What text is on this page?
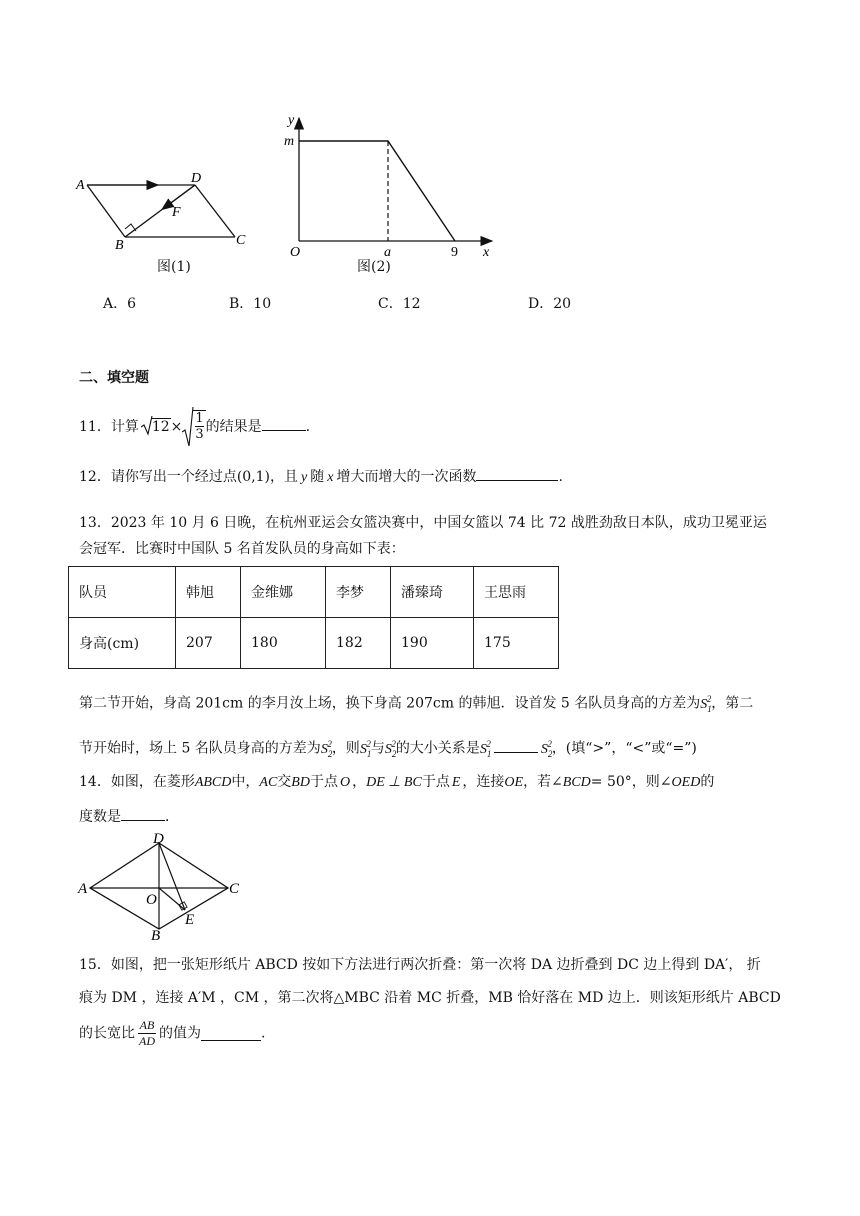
A	D
F
B	C
图(1)
y
m
O	a	9 x
图(2)
A．6	B．10	C．12	D．20
二、填空题
11．计算 $12\times \frac{1}{3}$ 的结果是	.
12．请你写出一个经过点(0,1)，且 y 随 x 增大而增大的一次函数	.
13．2023 年 10 月 6 日晚，在杭州亚运会女篮决赛中，中国女篮以 74 比 72 战胜劲敌日本队，成功卫冕亚运
会冠军．比赛时中国队 5 名首发队员的身高如下表：
队员	韩旭	金维娜	李梦	潘臻琦	王思雨
身高(cm)	207	180	182	190	175
第二节开始，身高 201cm 的李月汝上场，换下身高 207cm 的韩旭．设首发 5 名队员身高的方差为$S_1^2$，第二
节开始时，场上 5 名队员身高的方差为$S_2^2$，则$S_1^2$与$S_2^2$的大小关系是$S_1^2$	$S_2^2$，(填“>”，“<”或“=”)
14．如图，在菱形ABCD中，AC交BD于点 O ，DE ⊥ BC于点 E ，连接OE，若∠BCD= 50°，则∠OED的
度数是	．
A
D
C
O
E
B
15．如图，把一张矩形纸片 ABCD 按如下方法进行两次折叠：第一次将 DA 边折叠到 DC 边上得到 DA′， 折
痕为 DM ，连接 A′M ，CM ，第二次将△MBC 沿着 MC 折叠，MB 恰好落在 MD 边上．则该矩形纸片 ABCD
的长宽比 $\frac{AB}{AD}$ 的值为	.
